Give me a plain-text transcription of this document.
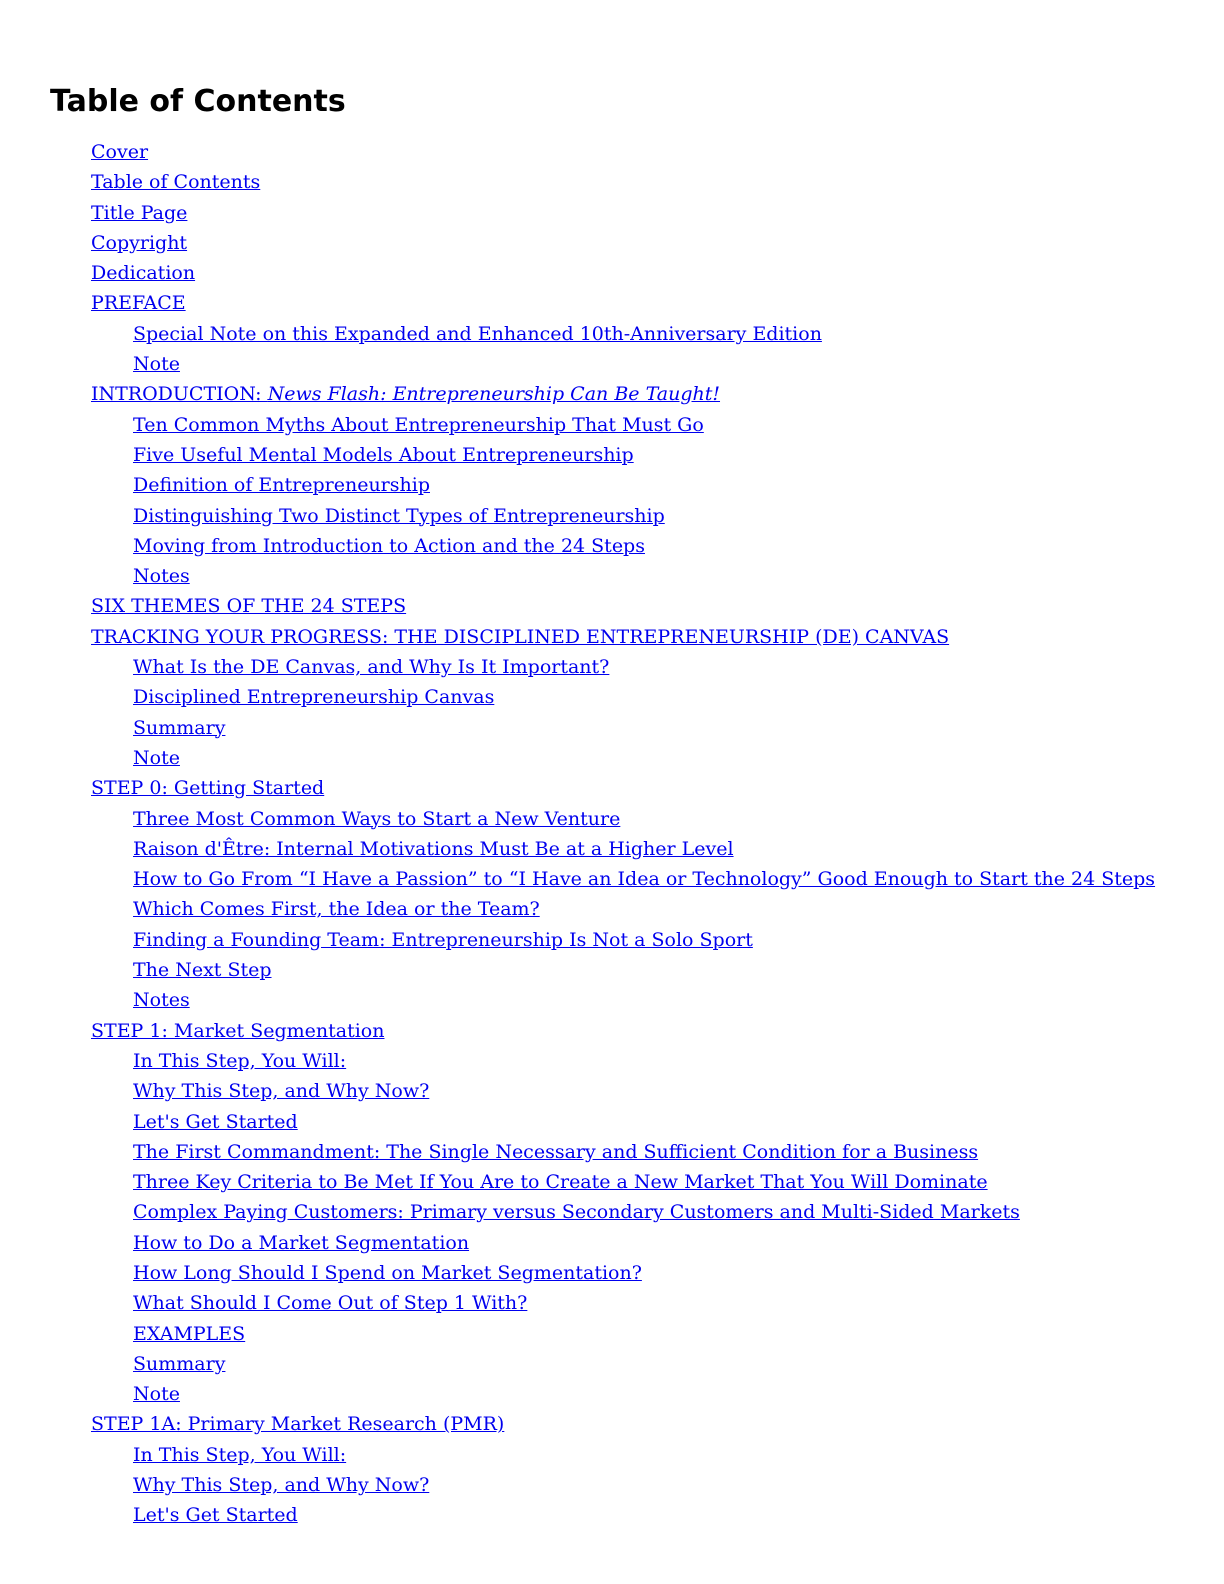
Table of Contents
Cover
Table of Contents
Title Page
Copyright
Dedication
PREFACE
Special Note on this Expanded and Enhanced 10th-Anniversary Edition
Note
INTRODUCTION: News Flash: Entrepreneurship Can Be Taught!
Ten Common Myths About Entrepreneurship That Must Go
Five Useful Mental Models About Entrepreneurship
Definition of Entrepreneurship
Distinguishing Two Distinct Types of Entrepreneurship
Moving from Introduction to Action and the 24 Steps
Notes
SIX THEMES OF THE 24 STEPS
TRACKING YOUR PROGRESS: THE DISCIPLINED ENTREPRENEURSHIP (DE) CANVAS
What Is the DE Canvas, and Why Is It Important?
Disciplined Entrepreneurship Canvas
Summary
Note
STEP 0: Getting Started
Three Most Common Ways to Start a New Venture
Raison d'Être: Internal Motivations Must Be at a Higher Level
How to Go From “I Have a Passion” to “I Have an Idea or Technology” Good Enough to Start the 24 Steps
Which Comes First, the Idea or the Team?
Finding a Founding Team: Entrepreneurship Is Not a Solo Sport
The Next Step
Notes
STEP 1: Market Segmentation
In This Step, You Will:
Why This Step, and Why Now?
Let's Get Started
The First Commandment: The Single Necessary and Sufficient Condition for a Business
Three Key Criteria to Be Met If You Are to Create a New Market That You Will Dominate
Complex Paying Customers: Primary versus Secondary Customers and Multi-Sided Markets
How to Do a Market Segmentation
How Long Should I Spend on Market Segmentation?
What Should I Come Out of Step 1 With?
EXAMPLES
Summary
Note
STEP 1A: Primary Market Research (PMR)
In This Step, You Will:
Why This Step, and Why Now?
Let's Get Started
